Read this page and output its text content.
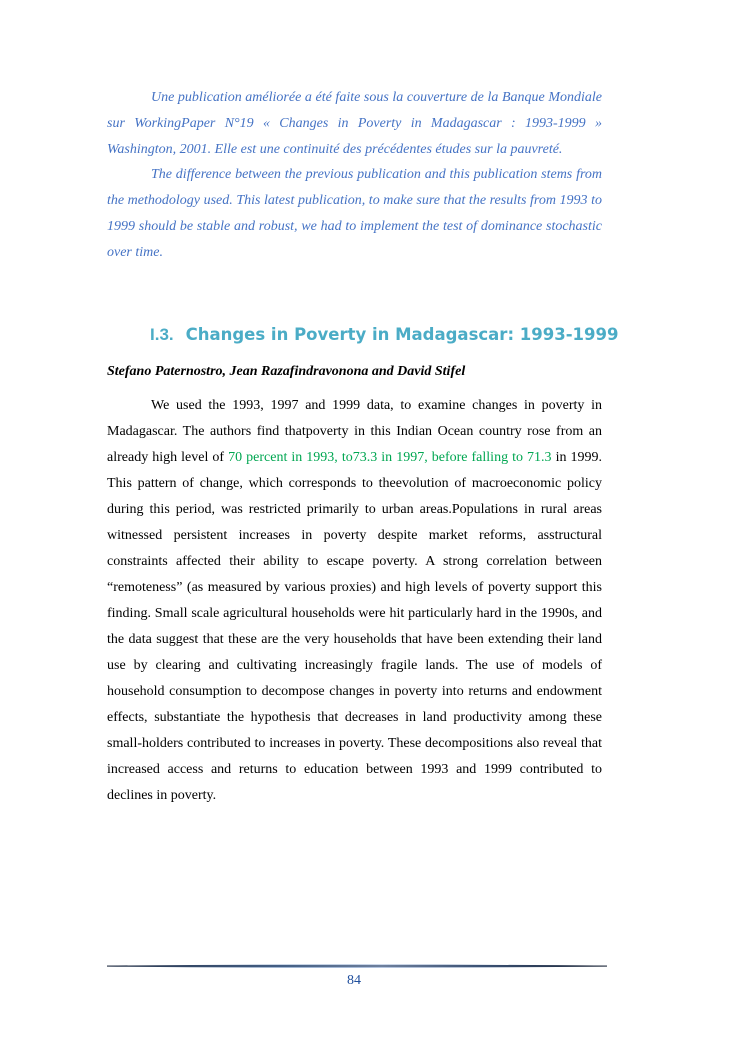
Une publication améliorée a été faite sous la couverture de la Banque Mondiale sur WorkingPaper N°19 « Changes in Poverty in Madagascar : 1993-1999 » Washington, 2001. Elle est une continuité des précédentes études sur la pauvreté.

The difference between the previous publication and this publication stems from the methodology used. This latest publication, to make sure that the results from 1993 to 1999 should be stable and robust, we had to implement the test of dominance stochastic over time.

I.3. Changes in Poverty in Madagascar: 1993-1999
Stefano Paternostro, Jean Razafindravonona and David Stifel

We used the 1993, 1997 and 1999 data, to examine changes in poverty in Madagascar. The authors find thatpoverty in this Indian Ocean country rose from an already high level of 70 percent in 1993, to73.3 in 1997, before falling to 71.3 in 1999. This pattern of change, which corresponds to theevolution of macroeconomic policy during this period, was restricted primarily to urban areas.Populations in rural areas witnessed persistent increases in poverty despite market reforms, asstructural constraints affected their ability to escape poverty. A strong correlation between “remoteness” (as measured by various proxies) and high levels of poverty support this finding. Small scale agricultural households were hit particularly hard in the 1990s, and the data suggest that these are the very households that have been extending their land use by clearing and cultivating increasingly fragile lands. The use of models of household consumption to decompose changes in poverty into returns and endowment effects, substantiate the hypothesis that decreases in land productivity among these small-holders contributed to increases in poverty. These decompositions also reveal that increased access and returns to education between 1993 and 1999 contributed to declines in poverty.

84
